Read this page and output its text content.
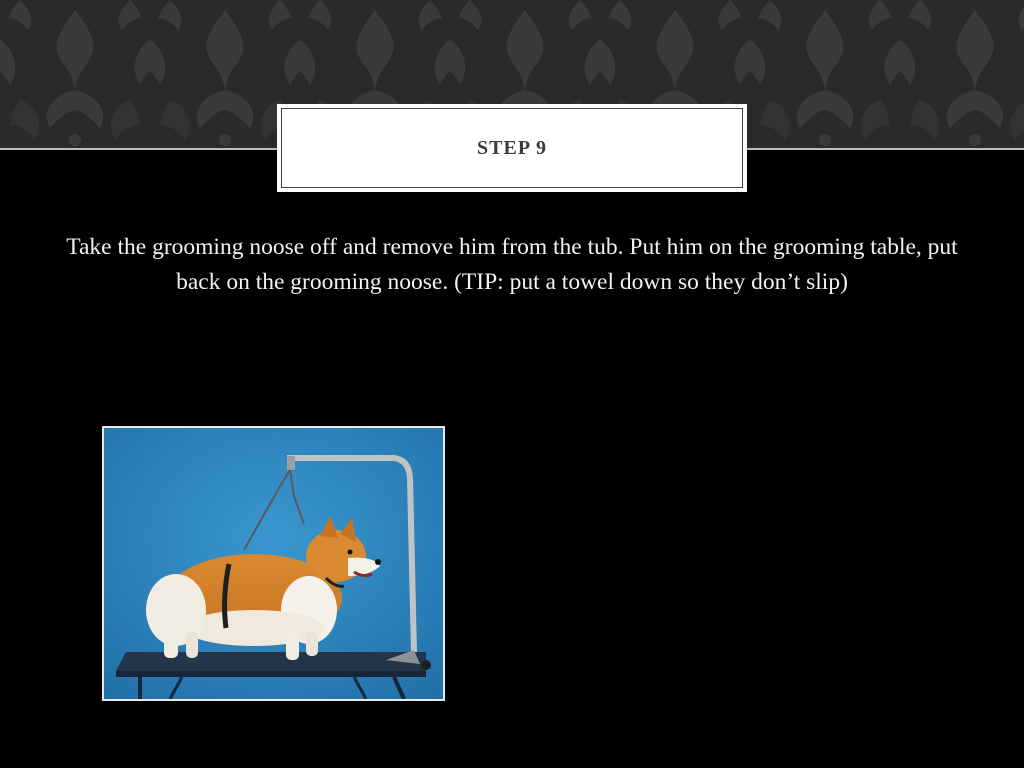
STEP 9
Take the grooming noose off and remove him from the tub. Put him on the grooming table, put back on the grooming noose. (TIP: put a towel down so they don’t slip)
